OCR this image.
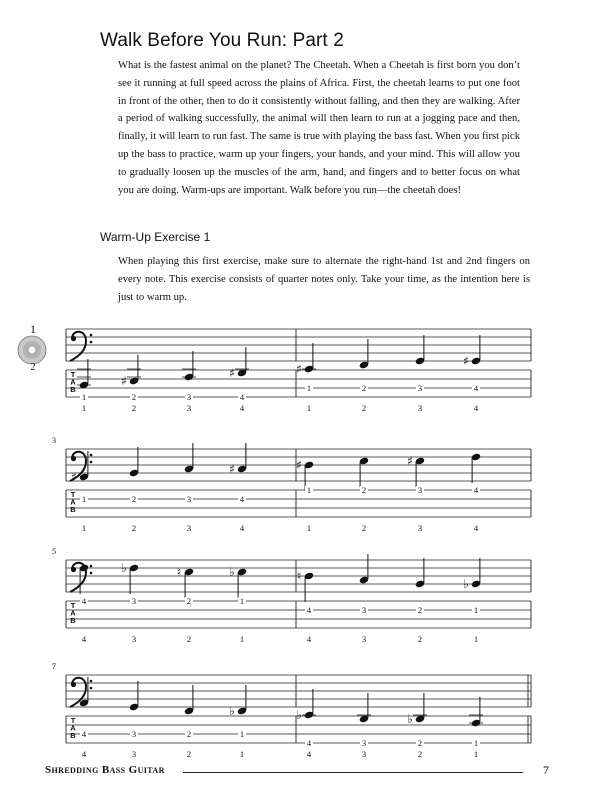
Walk Before You Run: Part 2
What is the fastest animal on the planet? The Cheetah. When a Cheetah is first born you don’t see it running at full speed across the plains of Africa. First, the cheetah learns to put one foot in front of the other, then to do it consistently without falling, and then they are walking. After a period of walking successfully, the animal will then learn to run at a jogging pace and then, finally, it will learn to run fast. The same is true with playing the bass fast. When you first pick up the bass to practice, warm up your fingers, your hands, and your mind. This will allow you to gradually loosen up the muscles of the arm, hand, and fingers and to better focus on what you are doing. Warm-ups are important. Walk before you run—the cheetah does!
Warm-Up Exercise 1
When playing this first exercise, make sure to alternate the right-hand 1st and 2nd fingers on every note. This exercise consists of quarter notes only. Take your time, as the intention here is just to warm up.
T
A
B
1
1
♯
2
2
3
3
♯
4
4
♯
1
1
2
2
3
3
♯
4
4
3
T
A
B
♯
1
1
2
2
3
3
♯
4
4
♯
1
1
2
2
♯
3
3
4
4
5
T
A
B
4
4
♭
3
3
♮
2
2
♭
1
1
♮
4
4
3
3
2
2
♭
1
1
7
T
A
B 4
4
3
3
2
2
♭
1
1
♭
4
4
3
3
♭
2
2
1
1
1
2
Shredding Bass Guitar	7
